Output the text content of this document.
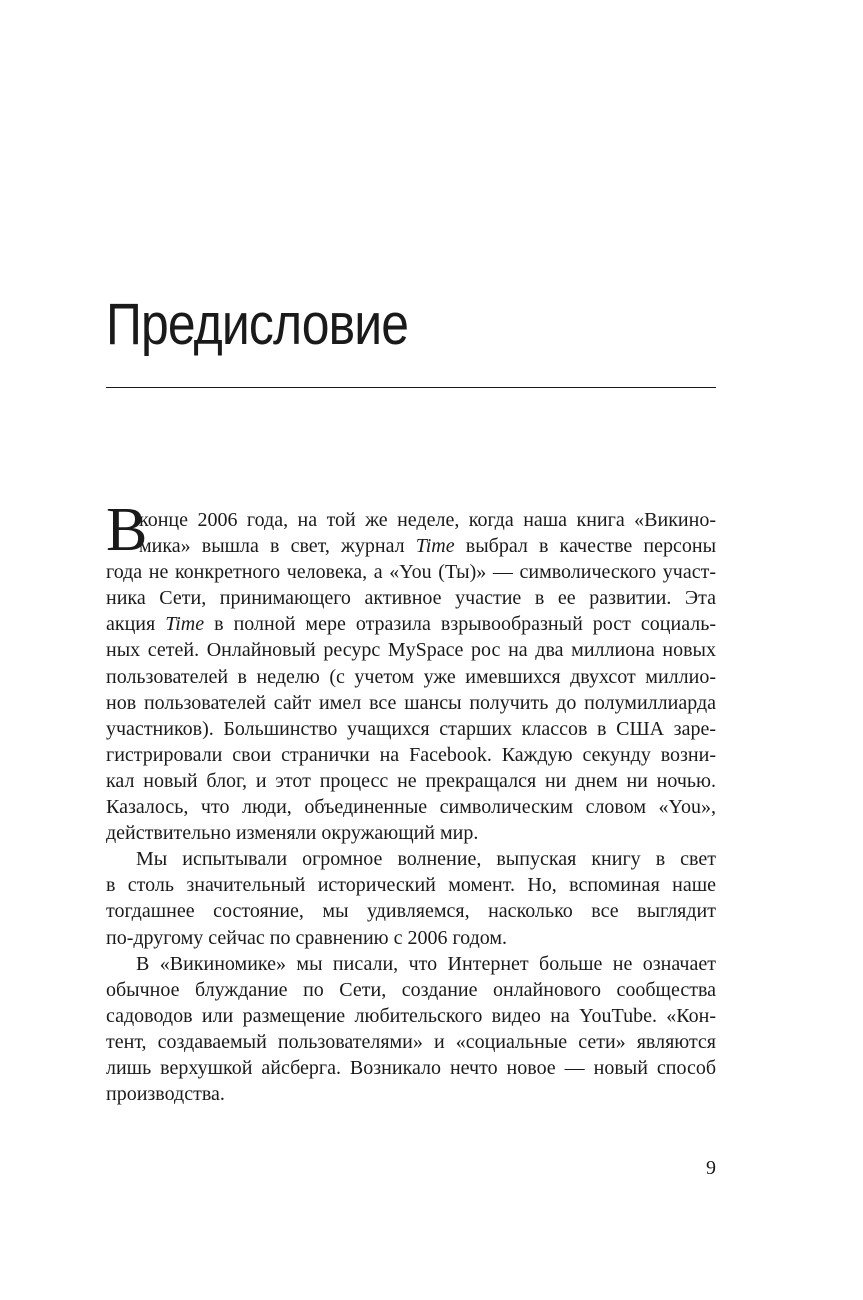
Предисловие
В
конце 2006 года, на той же неделе, когда наша книга «Викино-
мика» вышла в свет, журнал Time выбрал в качестве персоны
года не конкретного человека, а «You (Ты)» — символического участ-
ника Сети, принимающего активное участие в ее развитии. Эта
акция Time в полной мере отразила взрывообразный рост социаль-
ных сетей. Онлайновый ресурс MySpace рос на два миллиона новых
пользователей в неделю (с учетом уже имевшихся двухсот миллио-
нов пользователей сайт имел все шансы получить до полумиллиарда
участников). Большинство учащихся старших классов в США заре-
гистрировали свои странички на Facebook. Каждую секунду возни-
кал новый блог, и этот процесс не прекращался ни днем ни ночью.
Казалось, что люди, объединенные символическим словом «You»,
действительно изменяли окружающий мир.
Мы испытывали огромное волнение, выпуская книгу в свет
в столь значительный исторический момент. Но, вспоминая наше
тогдашнее состояние, мы удивляемся, насколько все выглядит
по-другому сейчас по сравнению с 2006 годом.
В «Викиномике» мы писали, что Интернет больше не означает
обычное блуждание по Сети, создание онлайнового сообщества
садоводов или размещение любительского видео на YouTube. «Кон-
тент, создаваемый пользователями» и «социальные сети» являются
лишь верхушкой айсберга. Возникало нечто новое — новый способ
производства.
9
